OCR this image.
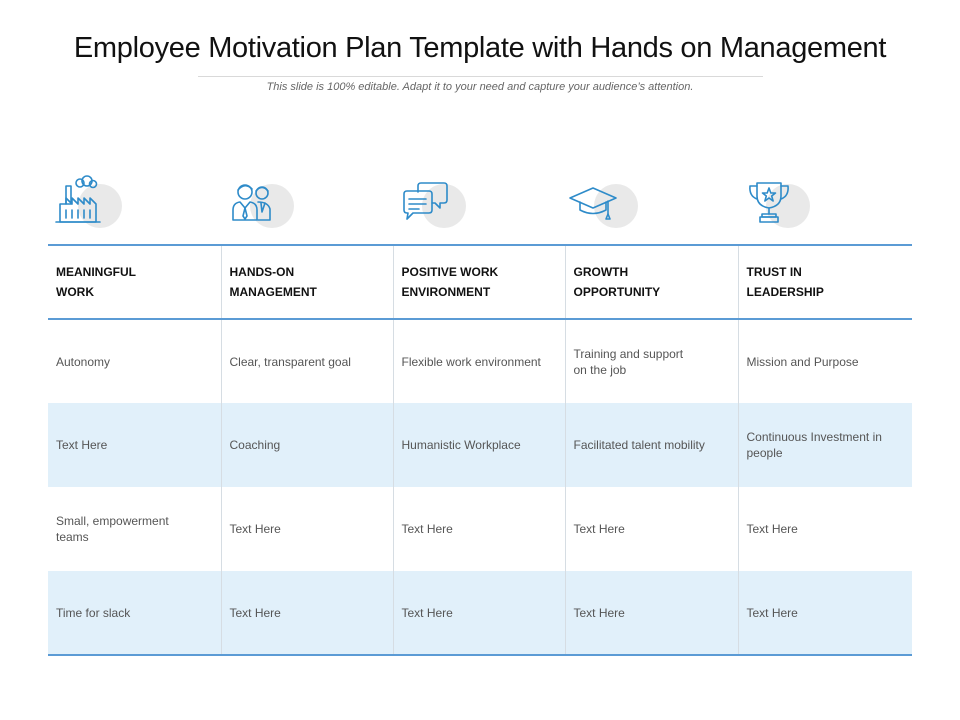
Employee Motivation Plan Template with Hands on Management
This slide is 100% editable. Adapt it to your need and capture your audience’s attention.
MEANINGFUL WORK	HANDS-ON MANAGEMENT	POSITIVE WORK ENVIRONMENT	GROWTH OPPORTUNITY	TRUST IN LEADERSHIP
Autonomy	Clear, transparent goal	Flexible work environment	Training and support on the job	Mission and Purpose
Text Here	Coaching	Humanistic Workplace	Facilitated talent mobility	Continuous Investment in people
Small, empowerment teams	Text Here	Text Here	Text Here	Text Here
Time for slack	Text Here	Text Here	Text Here	Text Here
